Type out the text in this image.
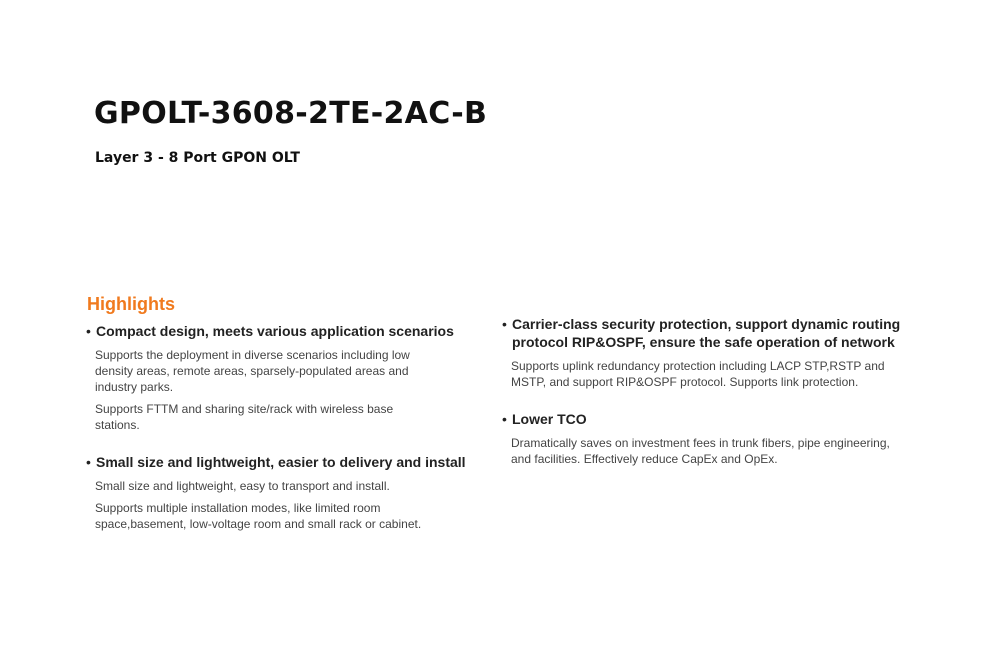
GPOLT-3608-2TE-2AC-B
Layer 3 - 8 Port GPON OLT
Highlights

• Compact design, meets various application scenarios

Supports the deployment in diverse scenarios including low density areas, remote areas, sparsely-populated areas and industry parks.

Supports FTTM and sharing site/rack with wireless base stations.

• Small size and lightweight, easier to delivery and install

Small size and lightweight, easy to transport and install.

Supports multiple installation modes, like limited room space,basement, low-voltage room and small rack or cabinet.

• Carrier-class security protection, support dynamic routing protocol RIP&OSPF, ensure the safe operation of network

Supports uplink redundancy protection including LACP STP,RSTP and MSTP, and support RIP&OSPF protocol. Supports link protection.

• Lower TCO

Dramatically saves on investment fees in trunk fibers, pipe engineering, and facilities. Effectively reduce CapEx and OpEx.
